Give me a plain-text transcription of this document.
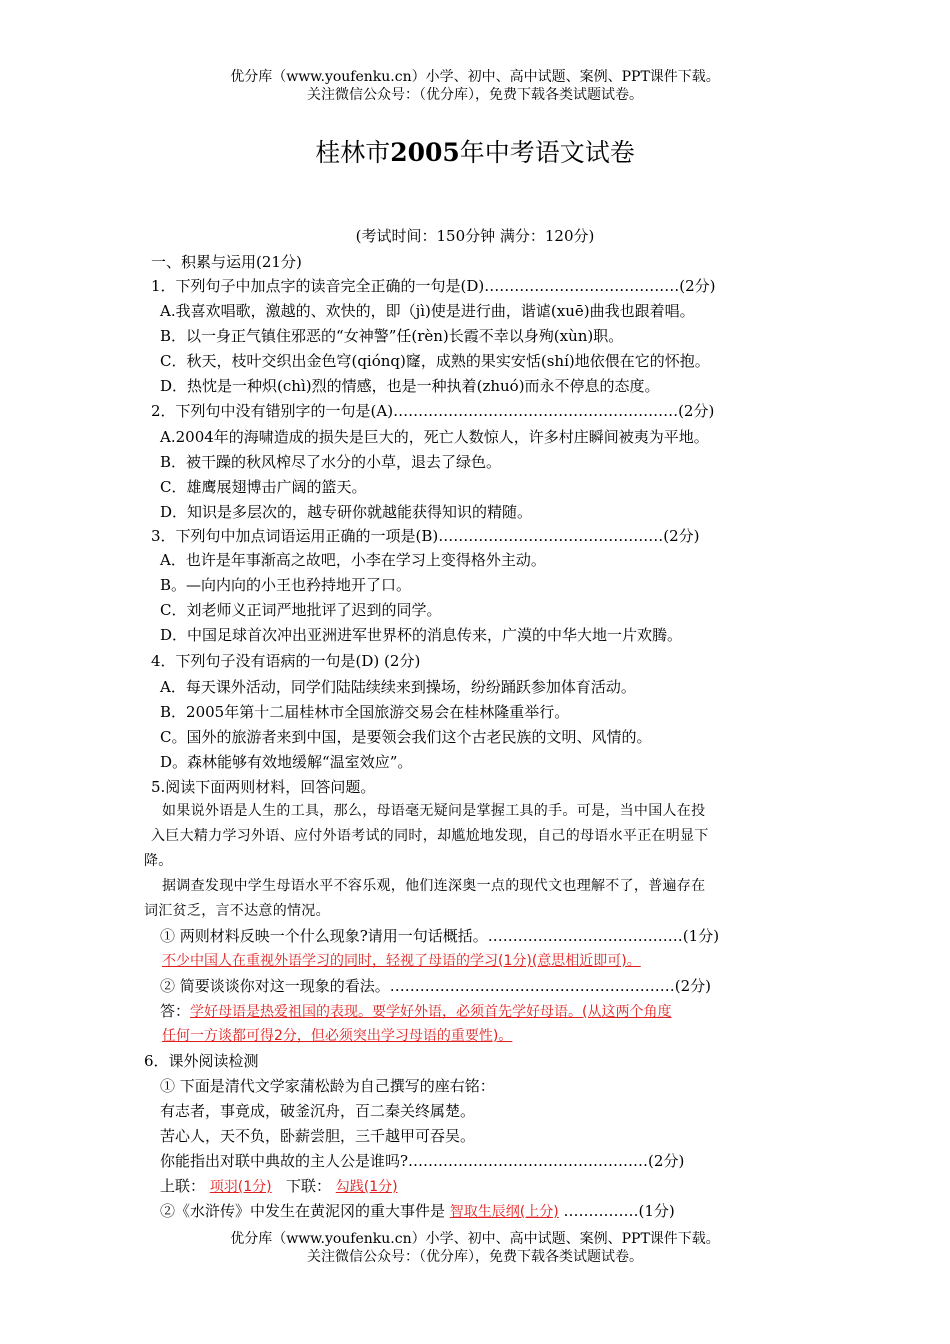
优分库（www.youfenku.cn）小学、初中、高中试题、案例、PPT课件下载。
关注微信公众号：（优分库），免费下载各类试题试卷。
桂林市2005年中考语文试卷
(考试时间：150分钟 满分：120分)
一、积累与运用(21分)
1．下列句子中加点字的读音完全正确的一句是(D)…………………………………(2分)
A.我喜欢唱歌，激越的、欢快的，即（jì)使是进行曲，谐谑(xuē)曲我也跟着唱。
B．以一身正气镇住邪恶的“女神警”任(rèn)长霞不幸以身殉(xùn)职。
C．秋天，枝叶交织出金色穹(qiónq)窿，成熟的果实安恬(shí)地依偎在它的怀抱。
D．热忱是一种炽(chì)烈的情感，也是一种执着(zhuó)而永不停息的态度。
2．下列句中没有错别字的一句是(A)…………………………………………………(2分)
A.2004年的海啸造成的损失是巨大的，死亡人数惊人，许多村庄瞬间被夷为平地。
B．被干躁的秋风榨尽了水分的小草，退去了绿色。
C．雄鹰展翅博击广阔的篮天。
D．知识是多层次的，越专研你就越能获得知识的精随。
3．下列句中加点词语运用正确的一项是(B)………………………………………(2分)
A．也许是年事渐高之故吧，小李在学习上变得格外主动。
B。—向内向的小王也矜持地开了口。
C．刘老师义正词严地批评了迟到的同学。
D．中国足球首次冲出亚洲进军世界杯的消息传来，广漠的中华大地一片欢腾。
4．下列句子没有语病的一句是(D) (2分)
A．每天课外活动，同学们陆陆续续来到操场，纷纷踊跃参加体育活动。
B．2005年第十二届桂林市全国旅游交易会在桂林隆重举行。
C。国外的旅游者来到中国，是要领会我们这个古老民族的文明、风情的。
D。森林能够有效地缓解“温室效应”。
5.阅读下面两则材料，回答问题。
如果说外语是人生的工具，那么，母语毫无疑问是掌握工具的手。可是，当中国人在投
入巨大精力学习外语、应付外语考试的同时，却尴尬地发现，自己的母语水平正在明显下
降。
据调查发现中学生母语水平不容乐观，他们连深奥一点的现代文也理解不了，普遍存在
词汇贫乏，言不达意的情况。
① 两则材料反映一个什么现象?请用一句话概括。…………………………………(1分)
不少中国人在重视外语学习的同时，轻视了母语的学习(1分)(意思相近即可)。
② 简要谈谈你对这一现象的看法。…………………………………………………(2分)
答：学好母语是热爱祖国的表现。要学好外语，必须首先学好母语。(从这两个角度
任何一方谈都可得2分，但必须突出学习母语的重要性)。
6．课外阅读检测
① 下面是清代文学家蒲松龄为自己撰写的座右铭：
有志者，事竟成，破釜沉舟，百二秦关终属楚。
苦心人，天不负，卧薪尝胆，三千越甲可吞吴。
你能指出对联中典故的主人公是谁吗?…………………………………………(2分)
上联： 项羽(1分) 下联： 勾践(1分)
②《水浒传》中发生在黄泥冈的重大事件是 智取生辰纲(上分) ……………(1分)
优分库（www.youfenku.cn）小学、初中、高中试题、案例、PPT课件下载。
关注微信公众号：（优分库），免费下载各类试题试卷。
